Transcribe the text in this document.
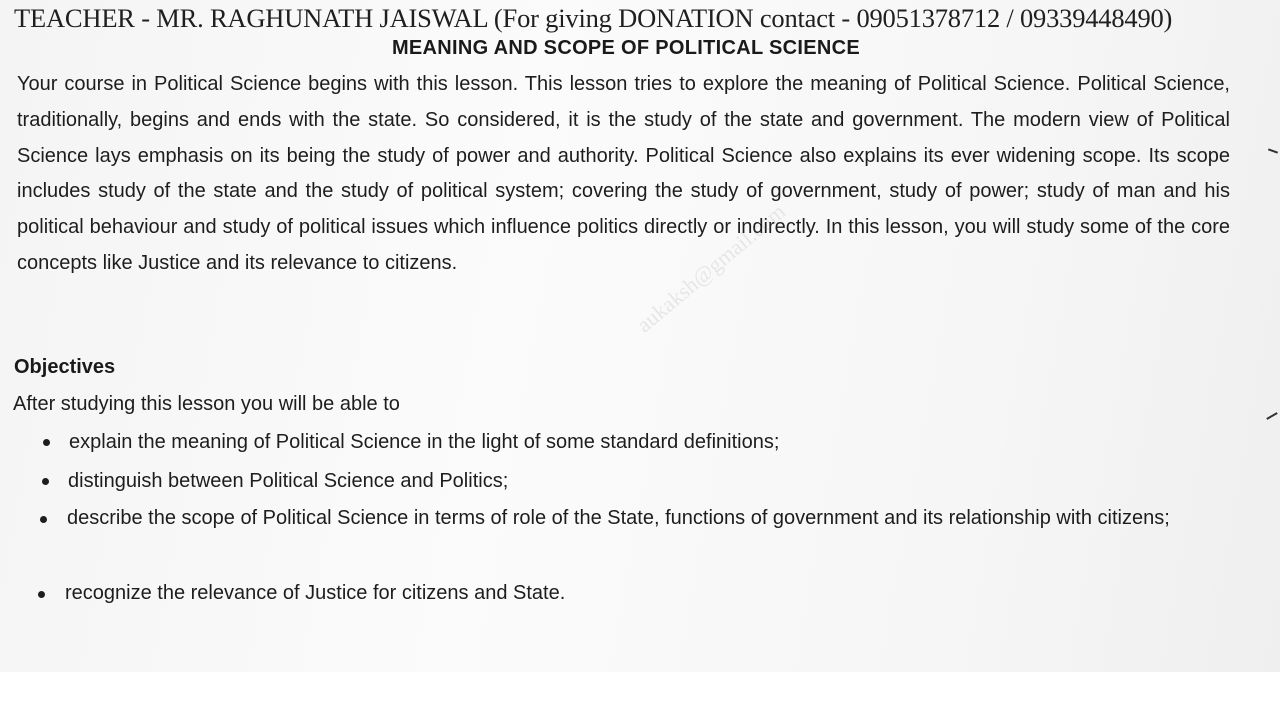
TEACHER - MR. RAGHUNATH JAISWAL (For giving DONATION contact - 09051378712 / 09339448490)
MEANING AND SCOPE OF POLITICAL SCIENCE

Your course in Political Science begins with this lesson. This lesson tries to explore the meaning of Political Science. Political Science, traditionally, begins and ends with the state. So considered, it is the study of the state and government. The modern view of Political Science lays emphasis on its being the study of power and authority. Political Science also explains its ever widening scope. Its scope includes study of the state and the study of political system; covering the study of government, study of power; study of man and his political behaviour and study of political issues which influence politics directly or indirectly. In this lesson, you will study some of the core concepts like Justice and its relevance to citizens.	aukaksh@gmail.com
Objectives
After studying this lesson you will be able to

explain the meaning of Political Science in the light of some standard definitions;

distinguish between Political Science and Politics;

describe the scope of Political Science in terms of role of the State, functions of government and its relationship with citizens;

recognize the relevance of Justice for citizens and State.
